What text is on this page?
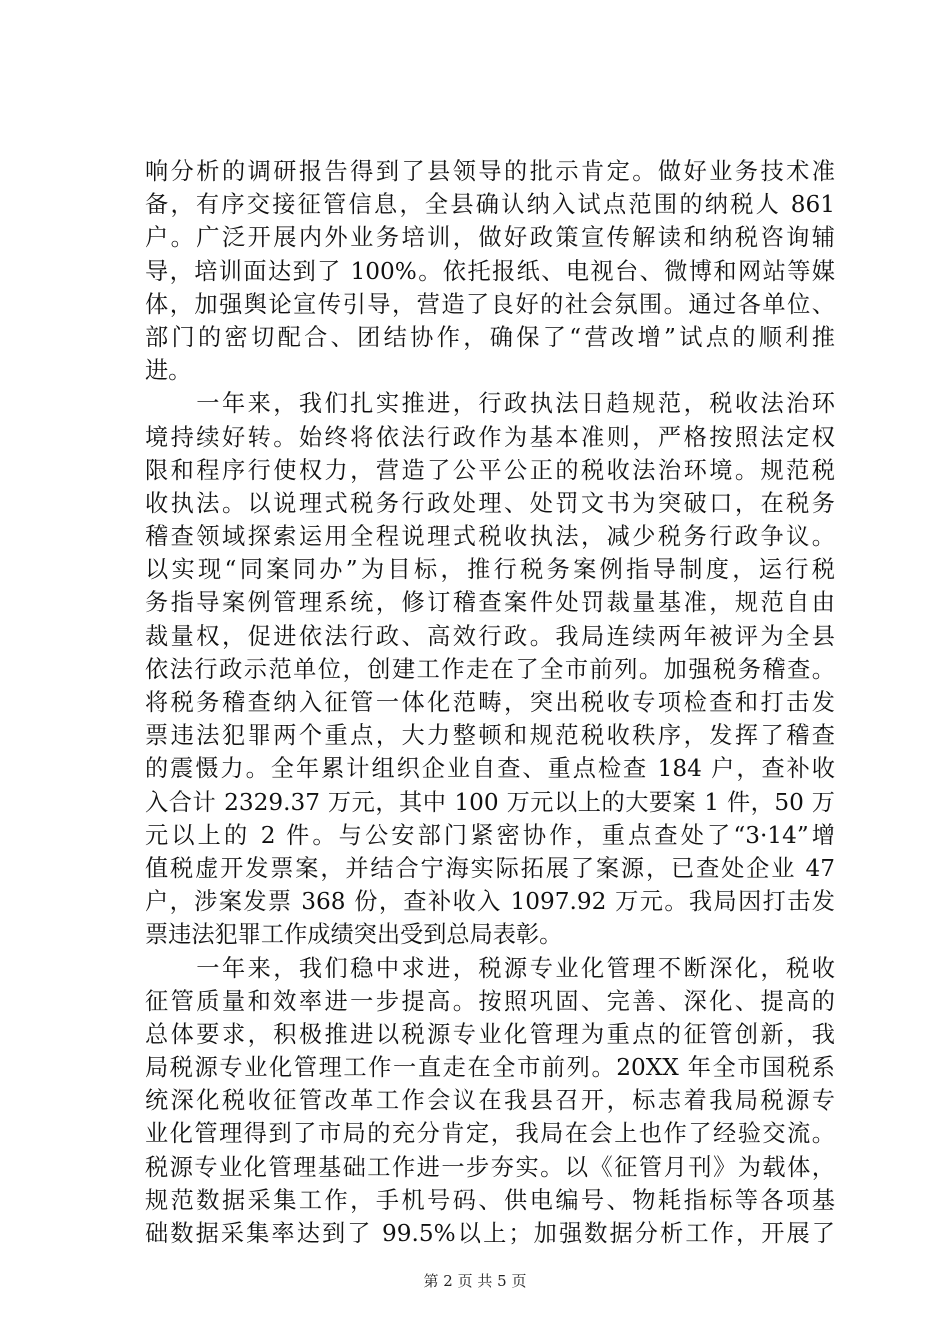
响分析的调研报告得到了县领导的批示肯定。做好业务技术准
备，有序交接征管信息，全县确认纳入试点范围的纳税人 861
户。广泛开展内外业务培训，做好政策宣传解读和纳税咨询辅
导，培训面达到了 100%。依托报纸、电视台、微博和网站等媒
体，加强舆论宣传引导，营造了良好的社会氛围。通过各单位、
部门的密切配合、团结协作，确保了“营改增”试点的顺利推
进。
　　一年来，我们扎实推进，行政执法日趋规范，税收法治环
境持续好转。始终将依法行政作为基本准则，严格按照法定权
限和程序行使权力，营造了公平公正的税收法治环境。规范税
收执法。以说理式税务行政处理、处罚文书为突破口，在税务
稽查领域探索运用全程说理式税收执法，减少税务行政争议。
以实现“同案同办”为目标，推行税务案例指导制度，运行税
务指导案例管理系统，修订稽查案件处罚裁量基准，规范自由
裁量权，促进依法行政、高效行政。我局连续两年被评为全县
依法行政示范单位，创建工作走在了全市前列。加强税务稽查。
将税务稽查纳入征管一体化范畴，突出税收专项检查和打击发
票违法犯罪两个重点，大力整顿和规范税收秩序，发挥了稽查
的震慑力。全年累计组织企业自查、重点检查 184 户，查补收
入合计 2329.37 万元，其中 100 万元以上的大要案 1 件，50 万
元以上的 2 件。与公安部门紧密协作，重点查处了“3·14”增
值税虚开发票案，并结合宁海实际拓展了案源，已查处企业 47
户，涉案发票 368 份，查补收入 1097.92 万元。我局因打击发
票违法犯罪工作成绩突出受到总局表彰。
　　一年来，我们稳中求进，税源专业化管理不断深化，税收
征管质量和效率进一步提高。按照巩固、完善、深化、提高的
总体要求，积极推进以税源专业化管理为重点的征管创新，我
局税源专业化管理工作一直走在全市前列。20XX 年全市国税系
统深化税收征管改革工作会议在我县召开，标志着我局税源专
业化管理得到了市局的充分肯定，我局在会上也作了经验交流。
税源专业化管理基础工作进一步夯实。以《征管月刊》为载体，
规范数据采集工作，手机号码、供电编号、物耗指标等各项基
础数据采集率达到了 99.5%以上；加强数据分析工作，开展了
第 2 页 共 5 页
